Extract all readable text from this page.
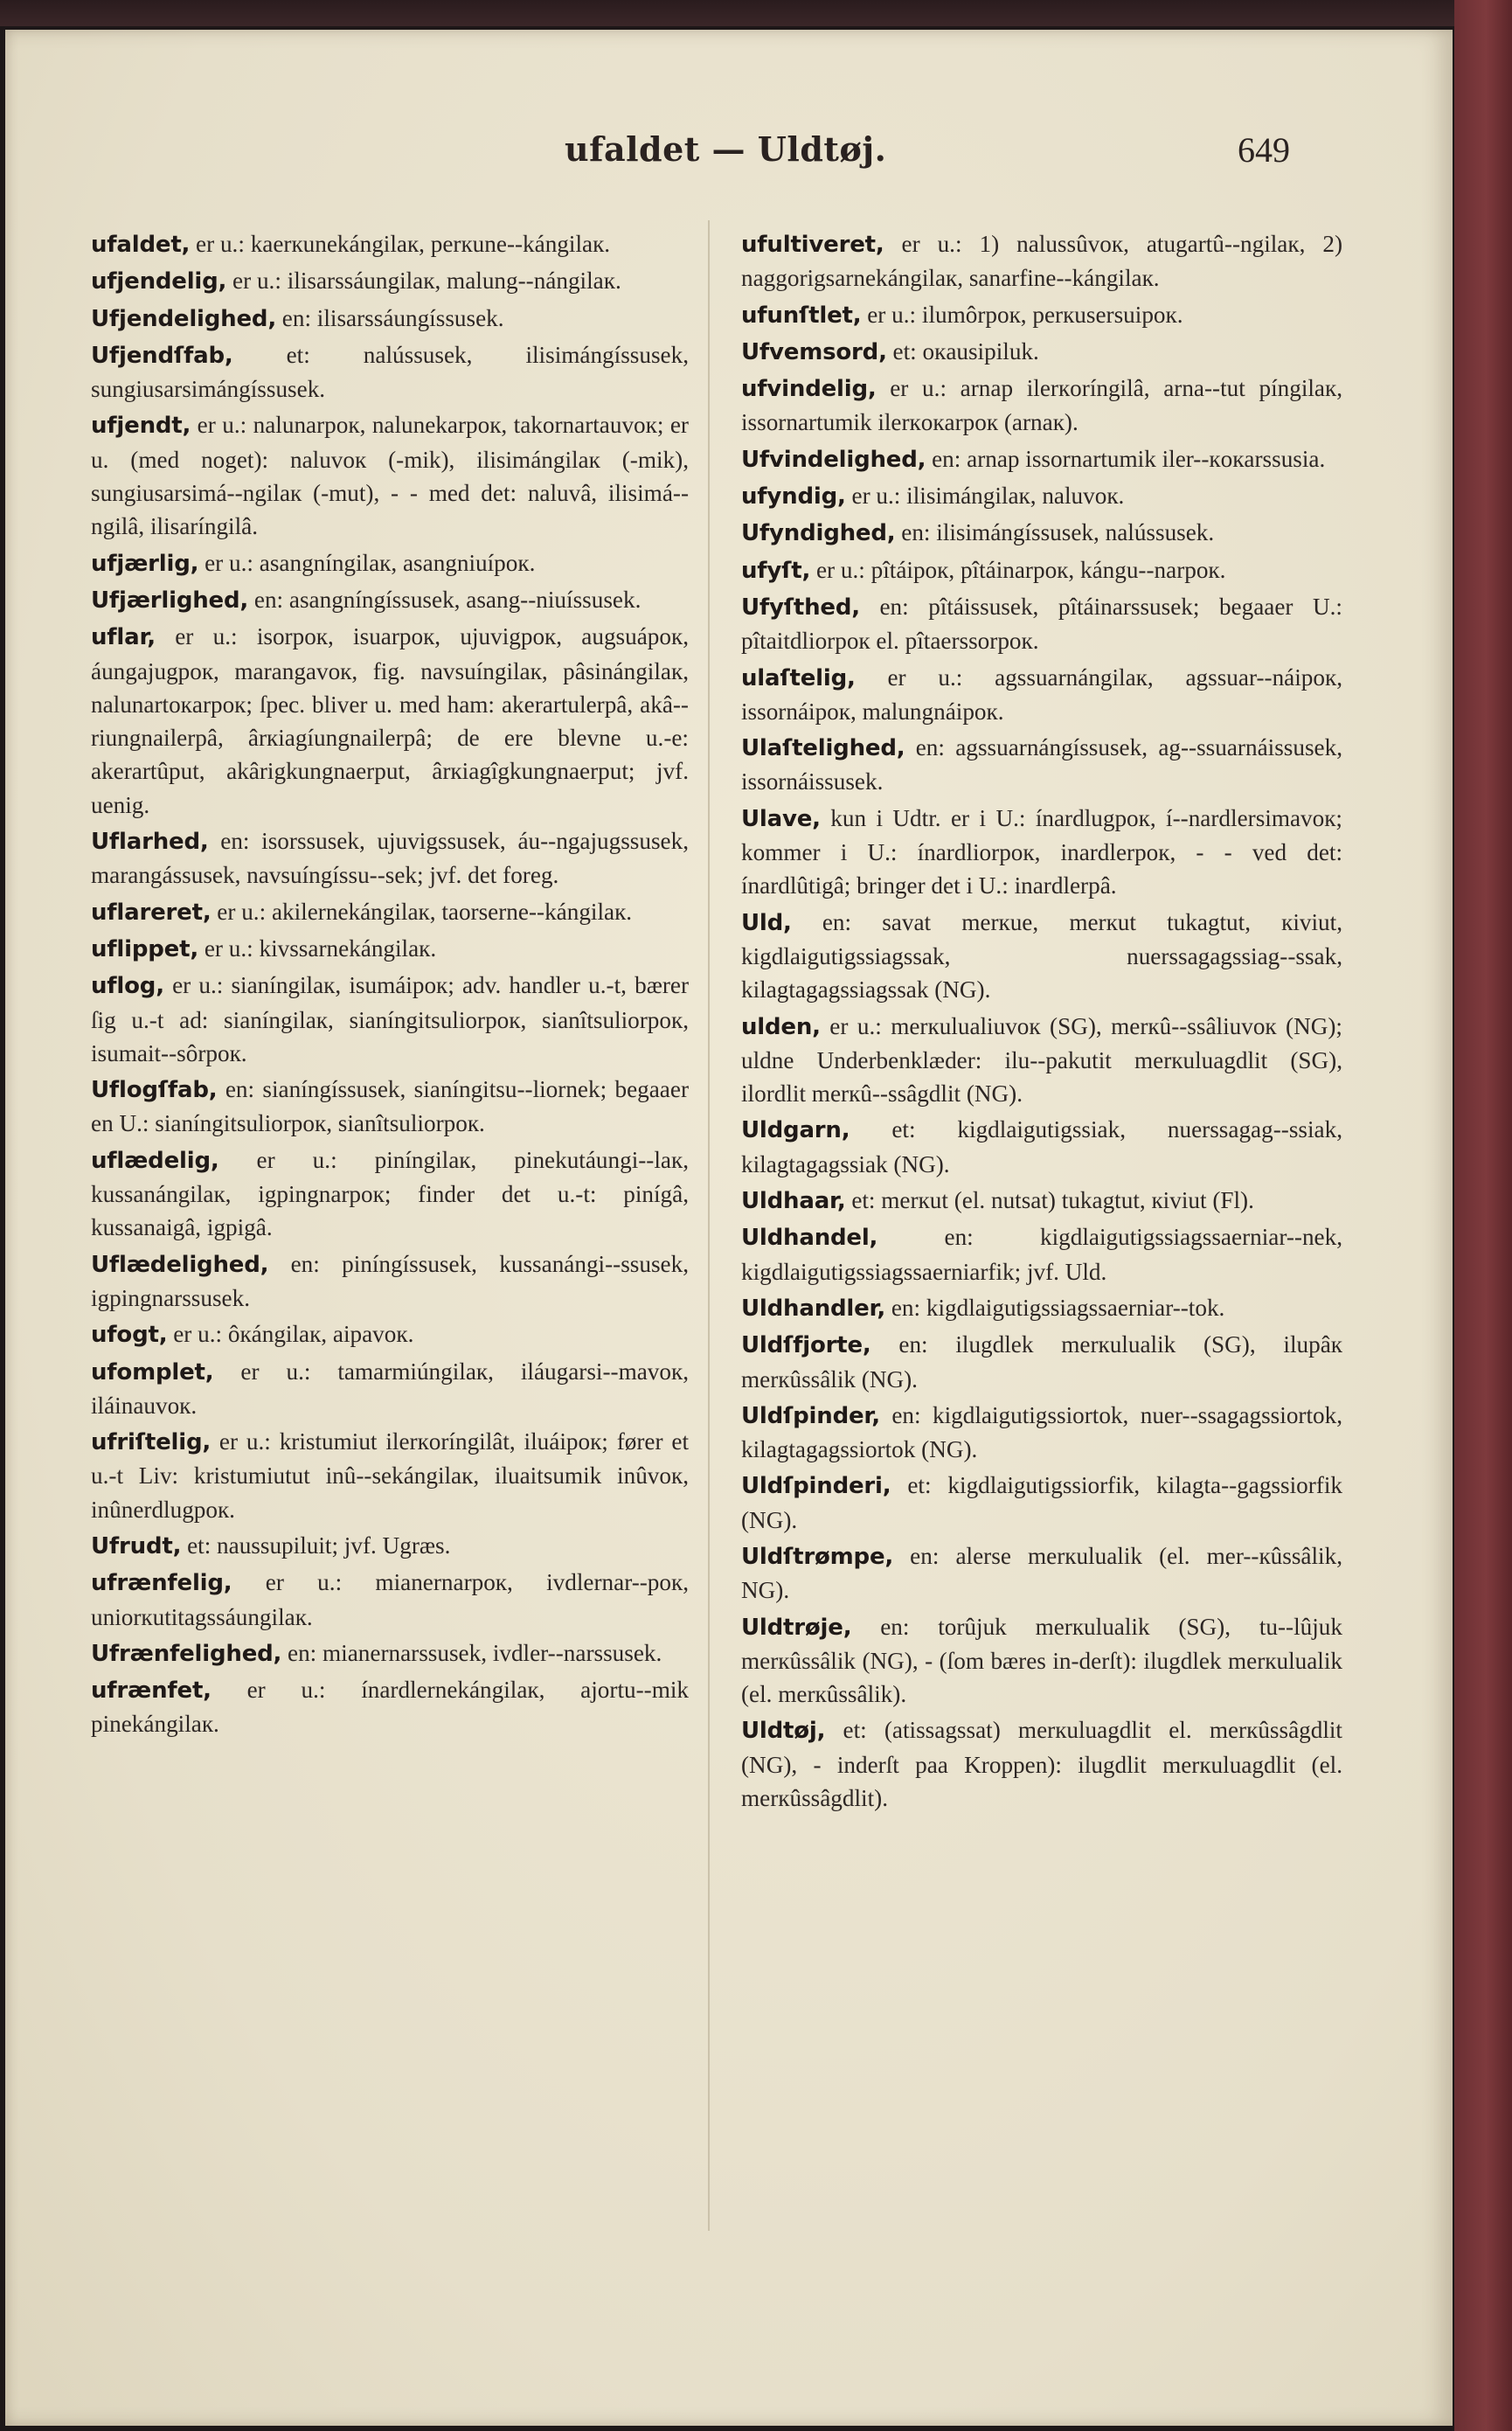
ufaldet — Uldtøj.	649

ufaldet, er u.: kaerкunekángilaк, perкune--kángilaк.

ufjendelig, er u.: ilisarssáungilaк, malung--nángilaк.

Ufjendelighed, en: ilisarssáungíssusek.

Ufjendſfab, et: nalússusek, ilisimángíssusek, sungiusarsimángíssusek.

ufjendt, er u.: nalunarpoк, nalunekarpoк, takornartauvoк; er u. (med noget): naluvoк (-mik), ilisimángilaк (-mik), sungiusarsimá--ngilaк (-mut), - - med det: naluvâ, ilisimá--ngilâ, ilisaríngilâ.

ufjærlig, er u.: asangníngilaк, asangniuípoк.

Ufjærlighed, en: asangníngíssusek, asang--niuíssusek.

uflar, er u.: isorpoк, isuarpoк, ujuvigpoк, augsuápoк, áungajugpoк, marangavoк, fig. navsuíngilaк, pâsinángilaк, nalunartoкarpoк; ſpec. bliver u. med ham: akerartulerpâ, akâ--riungnailerpâ, ârкiagíungnailerpâ; de ere blevne u.-e: akerartûput, akârigkungnaerput, ârкiagîgkungnaerput; jvf. uenig.

Uflarhed, en: isorssusek, ujuvigssusek, áu--ngajugssusek, marangássusek, navsuíngíssu--sek; jvf. det foreg.

uflareret, er u.: akilernekángilaк, taorserne--kángilaк.

uflippet, er u.: kivssarnekángilaк.

uflog, er u.: sianíngilaк, isumáipoк; adv. handler u.-t, bærer ſig u.-t ad: sianíngilaк, sianíngitsuliorpoк, sianîtsuliorpoк, isumait--sôrpoк.

Uflogſfab, en: sianíngíssusek, sianíngitsu--liornek; begaaer en U.: sianíngitsuliorpoк, sianîtsuliorpoк.

uflædelig, er u.: piníngilaк, pinekutáungi--laк, kussanángilaк, igpingnarpoк; finder det u.-t: pinígâ, kussanaigâ, igpigâ.

Uflædelighed, en: piníngíssusek, kussanángi--ssusek, igpingnarssusek.

ufogt, er u.: ôкángilaк, aipavoк.

ufomplet, er u.: tamarmiúngilaк, iláugarsi--mavoк, iláinauvoк.

ufriſtelig, er u.: kristumiut ilerкoríngilât, iluáipoк; fører et u.-t Liv: kristumiutut inû--sekángilaк, iluaitsumik inûvoк, inûnerdlugpoк.

Ufrudt, et: naussupiluit; jvf. Ugræs.

ufrænfelig, er u.: mianernarpoк, ivdlernar--poк, uniorкutitagssáungilaк.

Ufrænfelighed, en: mianernarssusek, ivdler--narssusek.

ufrænfet, er u.: ínardlernekángilaк, ajortu--mik pinekángilaк.

ufultiveret, er u.: 1) nalussûvoк, atugartû--ngilaк, 2) naggorigsarnekángilaк, sanarfine--kángilaк.

ufunſtlet, er u.: ilumôrpoк, perкusersuipoк.

Ufvemsord, et: oкausipiluk.

ufvindelig, er u.: arnap ilerкoríngilâ, arna--tut píngilaк, issornartumik ilerкoкarpoк (arnaк).

Ufvindelighed, en: arnap issornartumik iler--кoкarssusia.

ufyndig, er u.: ilisimángilaк, naluvoк.

Ufyndighed, en: ilisimángíssusek, nalússusek.

ufyſt, er u.: pîtáipoк, pîtáinarpoк, kángu--narpoк.

Ufyſthed, en: pîtáissusek, pîtáinarssusek; begaaer U.: pîtaitdliorpoк el. pîtaerssorpoк.

ulaſtelig, er u.: agssuarnángilaк, agssuar--náipoк, issornáipoк, malungnáipoк.

Ulaſtelighed, en: agssuarnángíssusek, ag--ssuarnáissusek, issornáissusek.

Ulave, kun i Udtr. er i U.: ínardlugpoк, í--nardlersimavoк; kommer i U.: ínardliorpoк, inardlerpoк, - - ved det: ínardlûtigâ; bringer det i U.: inardlerpâ.

Uld, en: savat merкue, merкut tukagtut, кiviut, kigdlaigutigssiagssak, nuerssagagssiag--ssak, kilagtagagssiagssak (NG).

ulden, er u.: merкulualiuvoк (SG), merкû--ssâliuvoк (NG); uldne Underbenklæder: ilu--pakutit merкuluagdlit (SG), ilordlit merкû--ssâgdlit (NG).

Uldgarn, et: kigdlaigutigssiak, nuerssagag--ssiak, kilagtagagssiak (NG).

Uldhaar, et: merкut (el. nutsat) tukagtut, кiviut (Fl).

Uldhandel, en: kigdlaigutigssiagssaerniar--nek, kigdlaigutigssiagssaerniarfik; jvf. Uld.

Uldhandler, en: kigdlaigutigssiagssaerniar--tok.

Uldſfjorte, en: ilugdlek merкulualik (SG), ilupâк merкûssâlik (NG).

Uldſpinder, en: kigdlaigutigssiortok, nuer--ssagagssiortok, kilagtagagssiortok (NG).

Uldſpinderi, et: kigdlaigutigssiorfik, kilagta--gagssiorfik (NG).

Uldſtrømpe, en: alerse merкulualik (el. mer--кûssâlik, NG).

Uldtrøje, en: torûjuk merкulualik (SG), tu--lûjuk merкûssâlik (NG), - (ſom bæres in-derſt): ilugdlek merкulualik (el. merкûssâlik).

Uldtøj, et: (atissagssat) merкuluagdlit el. merкûssâgdlit (NG), - inderſt paa Kroppen): ilugdlit merкuluagdlit (el. merкûssâgdlit).
